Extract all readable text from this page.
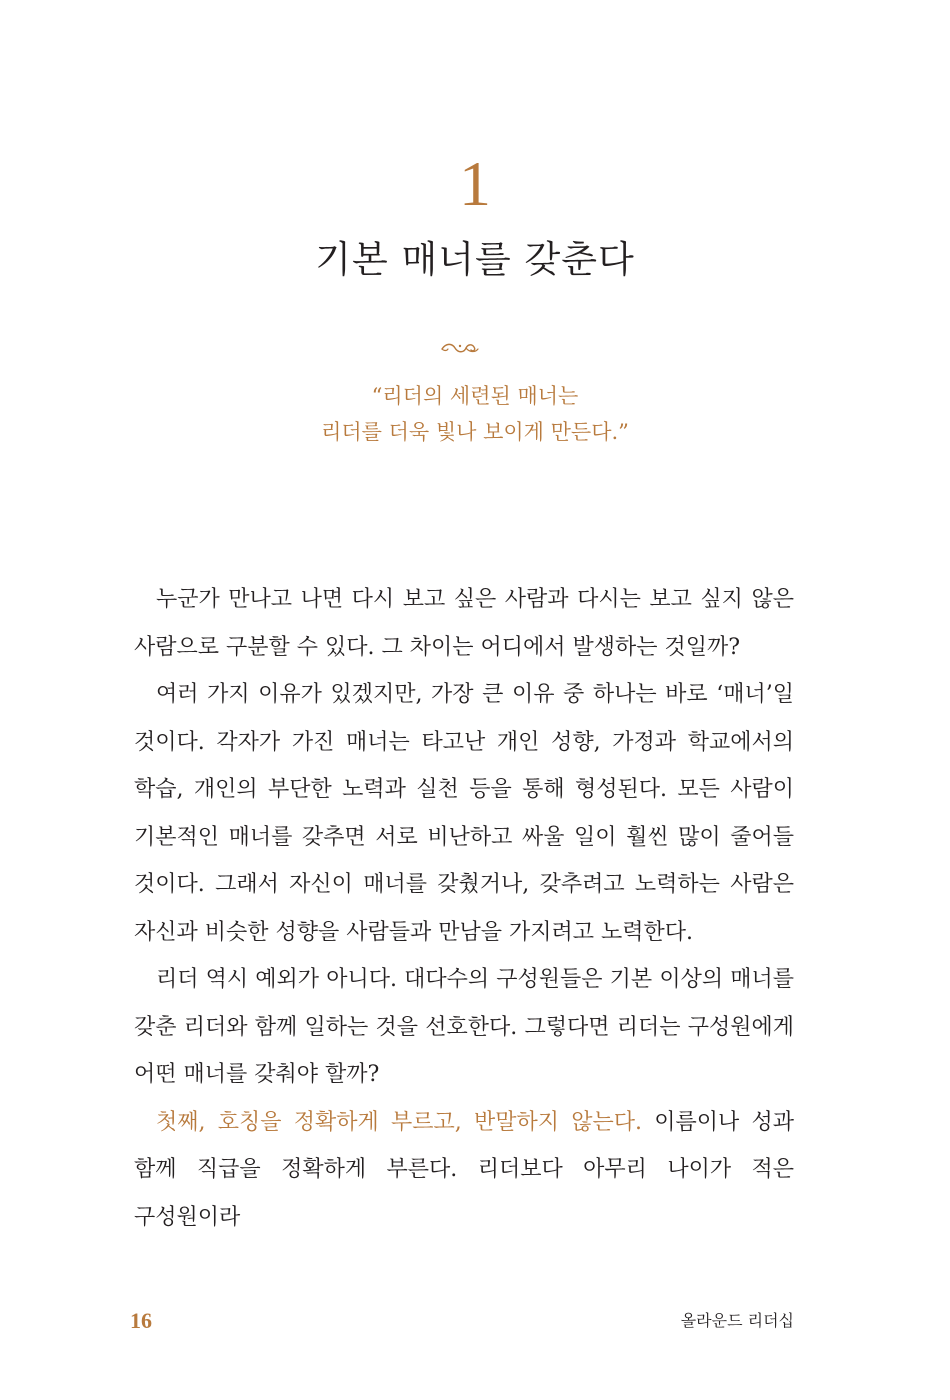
1
기본 매너를 갖춘다
“리더의 세련된 매너는
리더를 더욱 빛나 보이게 만든다.”

누군가 만나고 나면 다시 보고 싶은 사람과 다시는 보고 싶지 않은 사람으로 구분할 수 있다. 그 차이는 어디에서 발생하는 것일까?

여러 가지 이유가 있겠지만, 가장 큰 이유 중 하나는 바로 ‘매너’일 것이다. 각자가 가진 매너는 타고난 개인 성향, 가정과 학교에서의 학습, 개인의 부단한 노력과 실천 등을 통해 형성된다. 모든 사람이 기본적인 매너를 갖추면 서로 비난하고 싸울 일이 훨씬 많이 줄어들 것이다. 그래서 자신이 매너를 갖췄거나, 갖추려고 노력하는 사람은 자신과 비슷한 성향을 사람들과 만남을 가지려고 노력한다.

리더 역시 예외가 아니다. 대다수의 구성원들은 기본 이상의 매너를 갖춘 리더와 함께 일하는 것을 선호한다. 그렇다면 리더는 구성원에게 어떤 매너를 갖춰야 할까?

첫째, 호칭을 정확하게 부르고, 반말하지 않는다. 이름이나 성과 함께 직급을 정확하게 부른다. 리더보다 아무리 나이가 적은 구성원이라

16	올라운드 리더십
